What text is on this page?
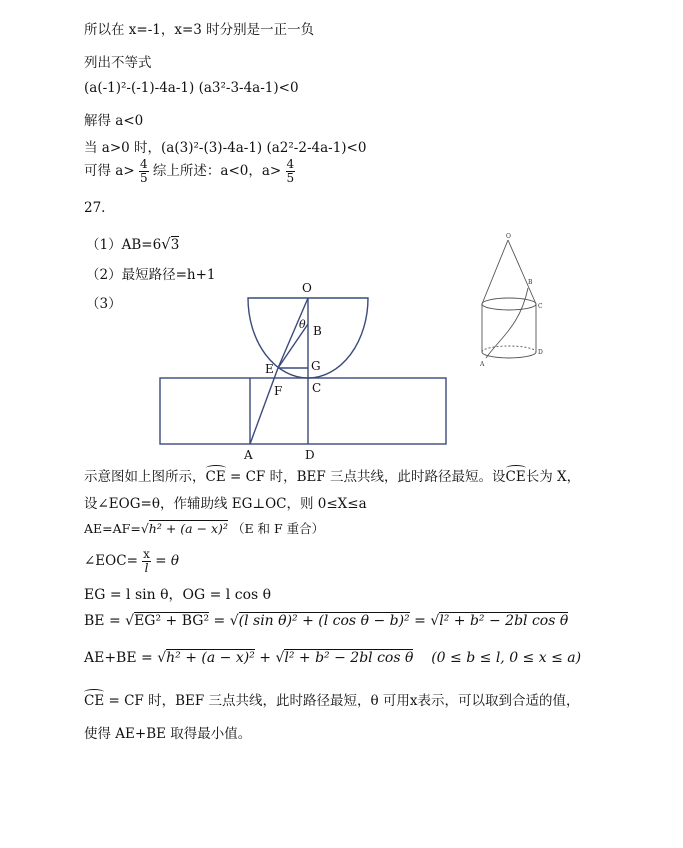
所以在 x=-1，x=3 时分别是一正一负
列出不等式
(a(-1)²-(-1)-4a-1) (a3²-3-4a-1)<0
解得 a<0
当 a>0 时，(a(3)²-(3)-4a-1) (a2²-2-4a-1)<0
可得 $a> \frac{4}{5}$ 综上所述：a<0，$a> \frac{4}{5}$
27.
（1）AB=6√3
（2）最短路径=h+1
（3）
O
B
θ
E	G
F C
A	D
O
B
C
D
A
示意图如上图所示，CE = CF 时，BEF 三点共线，此时路径最短。设CE长为 X，
设∠EOG=θ，作辅助线 EG⊥OC，则 0≤X≤a
AE=AF=√h² + (a − x)² （E 和 F 重合）
∠EOC= $\frac{x}{l} = \theta$
EG = l sin θ，OG = l cos θ
BE = √EG² + BG² = √(l sin θ)² + (l cos θ − b)² = √l² + b² − 2bl cos θ
AE+BE = √h² + (a − x)² + √l² + b² − 2bl cos θ    (0 ≤ b ≤ l, 0 ≤ x ≤ a)
CE = CF 时，BEF 三点共线，此时路径最短，θ 可用x表示，可以取到合适的值，
使得 AE+BE 取得最小值。
